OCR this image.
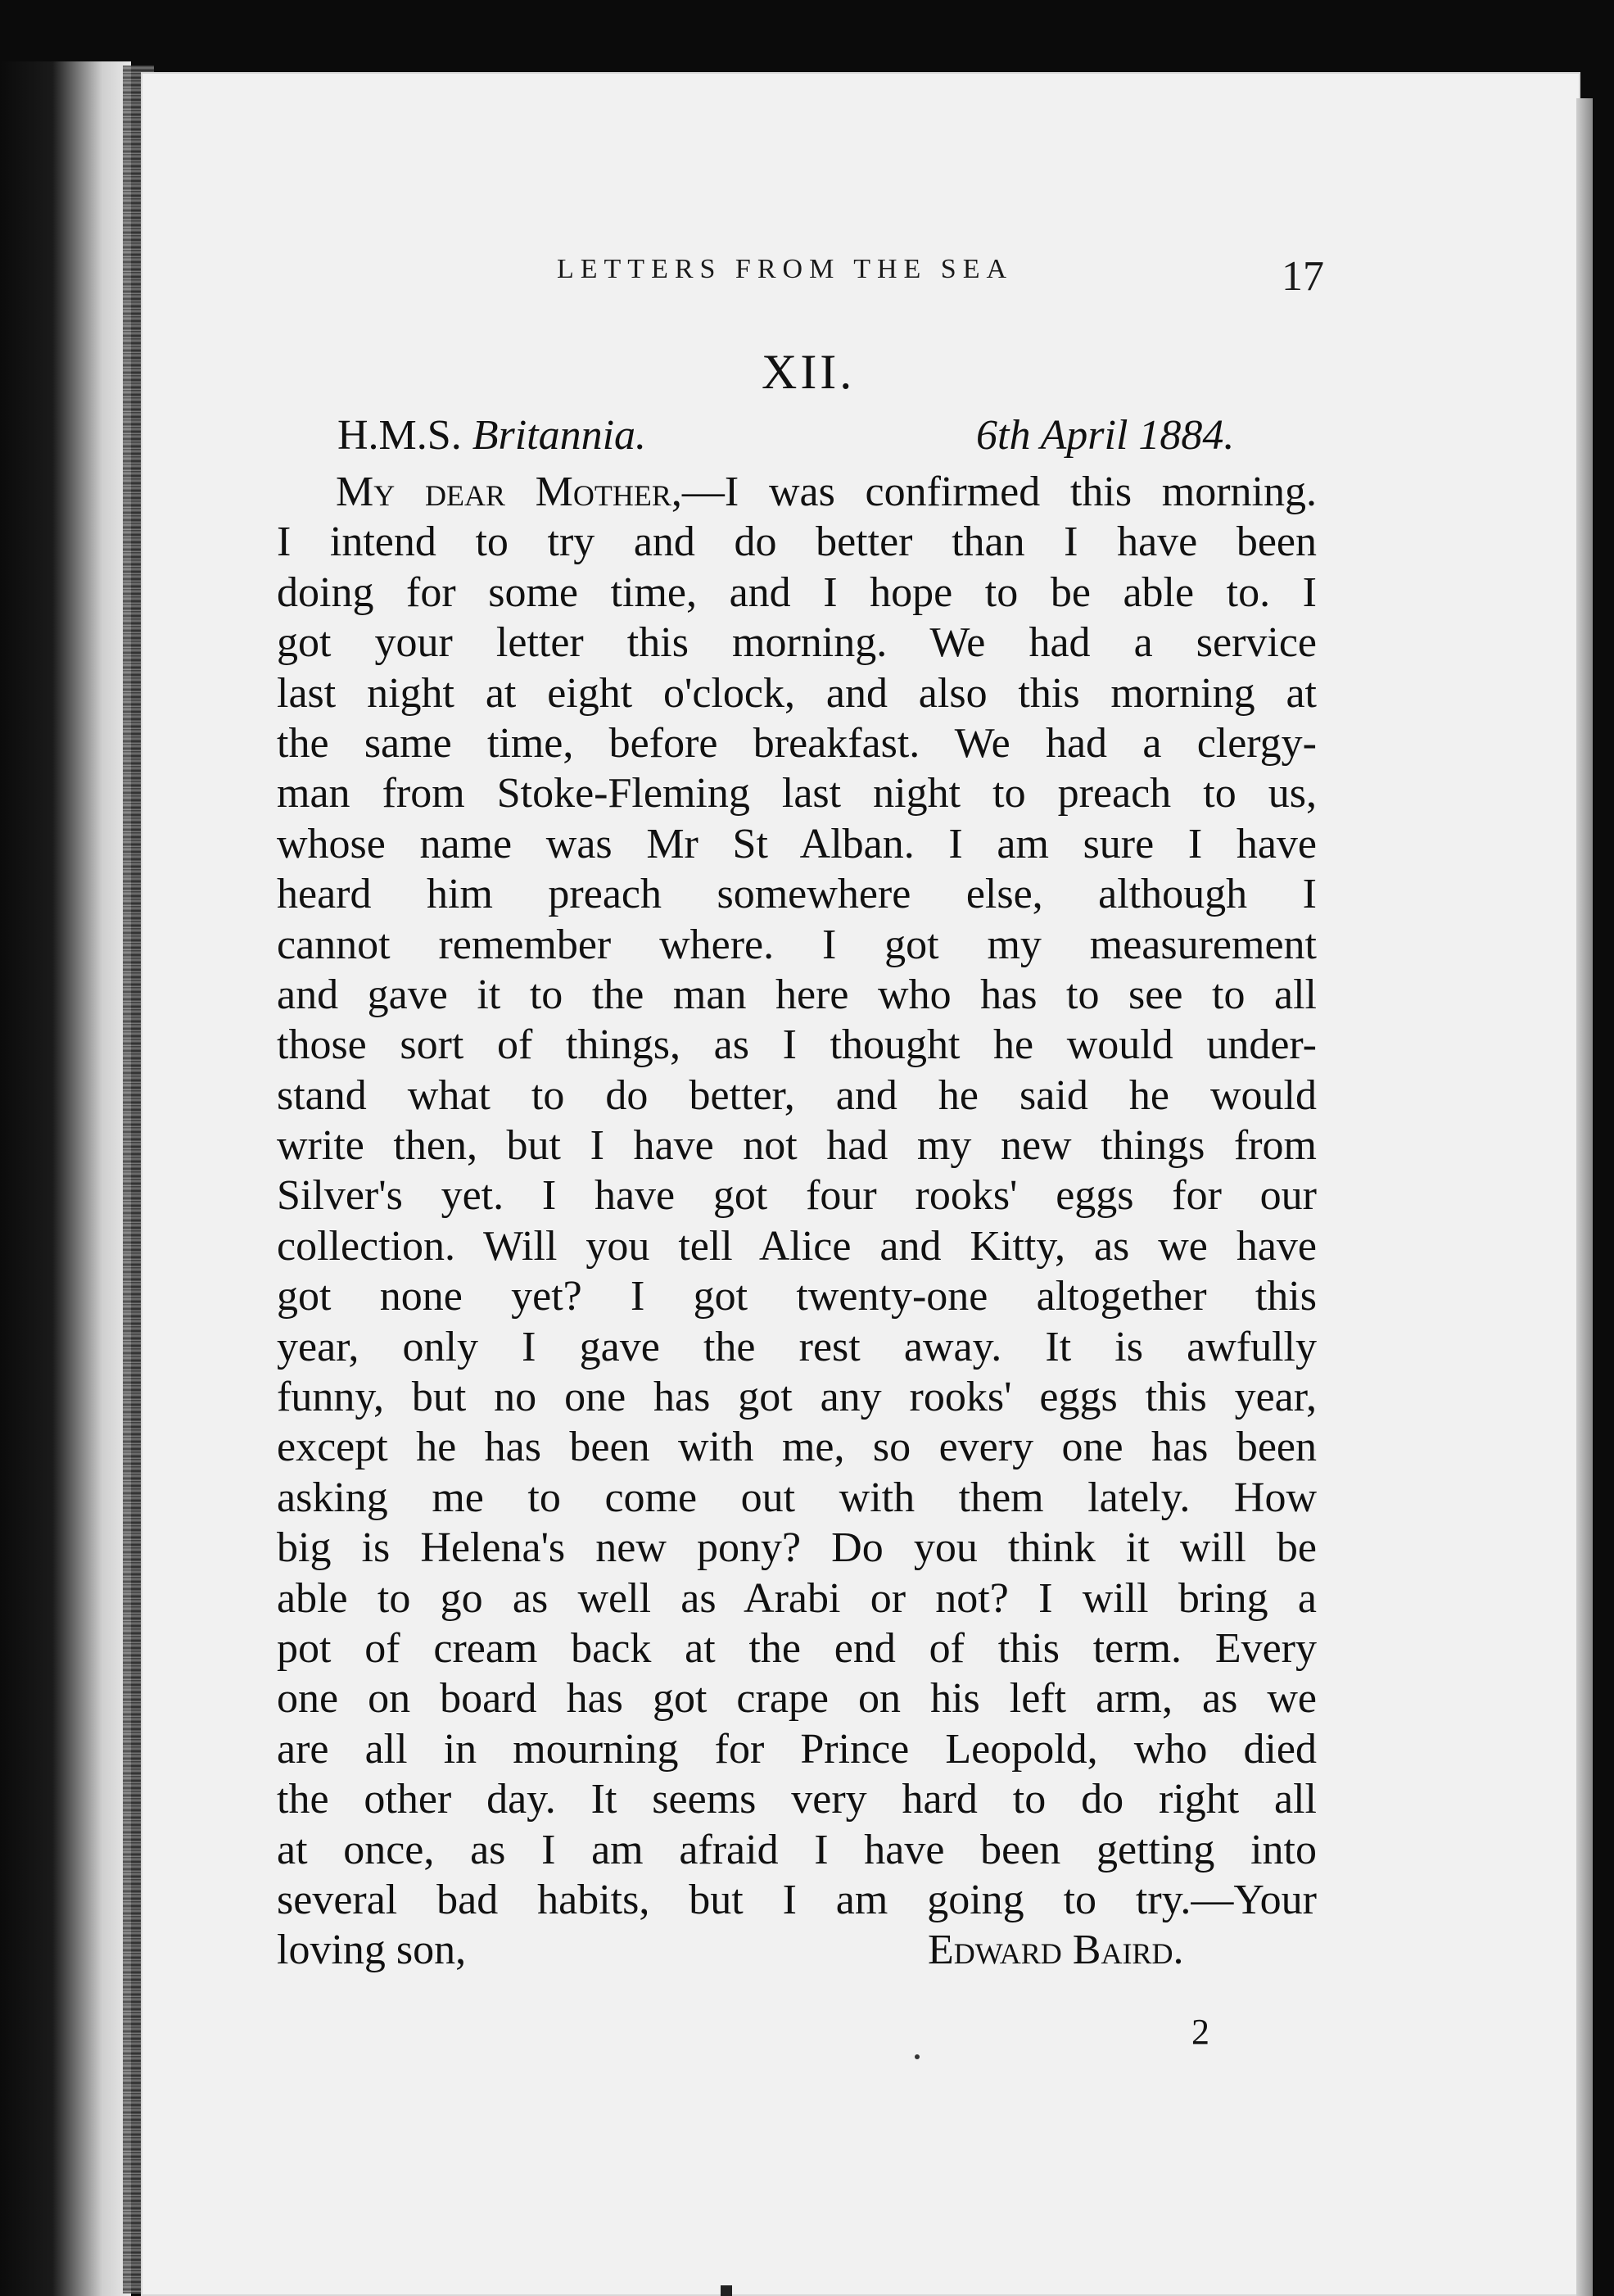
LETTERS FROM THE SEA	17
XII.
H.M.S. Britannia.	6th April 1884.
My dear Mother,—I was confirmed this morning.
I intend to try and do better than I have been
doing for some time, and I hope to be able to. I
got your letter this morning. We had a service
last night at eight o'clock, and also this morning at
the same time, before breakfast. We had a clergy-
man from Stoke-Fleming last night to preach to us,
whose name was Mr St Alban. I am sure I have
heard him preach somewhere else, although I
cannot remember where. I got my measurement
and gave it to the man here who has to see to all
those sort of things, as I thought he would under-
stand what to do better, and he said he would
write then, but I have not had my new things from
Silver's yet. I have got four rooks' eggs for our
collection. Will you tell Alice and Kitty, as we have
got none yet? I got twenty-one altogether this
year, only I gave the rest away. It is awfully
funny, but no one has got any rooks' eggs this year,
except he has been with me, so every one has been
asking me to come out with them lately. How
big is Helena's new pony? Do you think it will be
able to go as well as Arabi or not? I will bring a
pot of cream back at the end of this term. Every
one on board has got crape on his left arm, as we
are all in mourning for Prince Leopold, who died
the other day. It seems very hard to do right all
at once, as I am afraid I have been getting into
several bad habits, but I am going to try.—Your
loving son,	Edward Baird.
2
